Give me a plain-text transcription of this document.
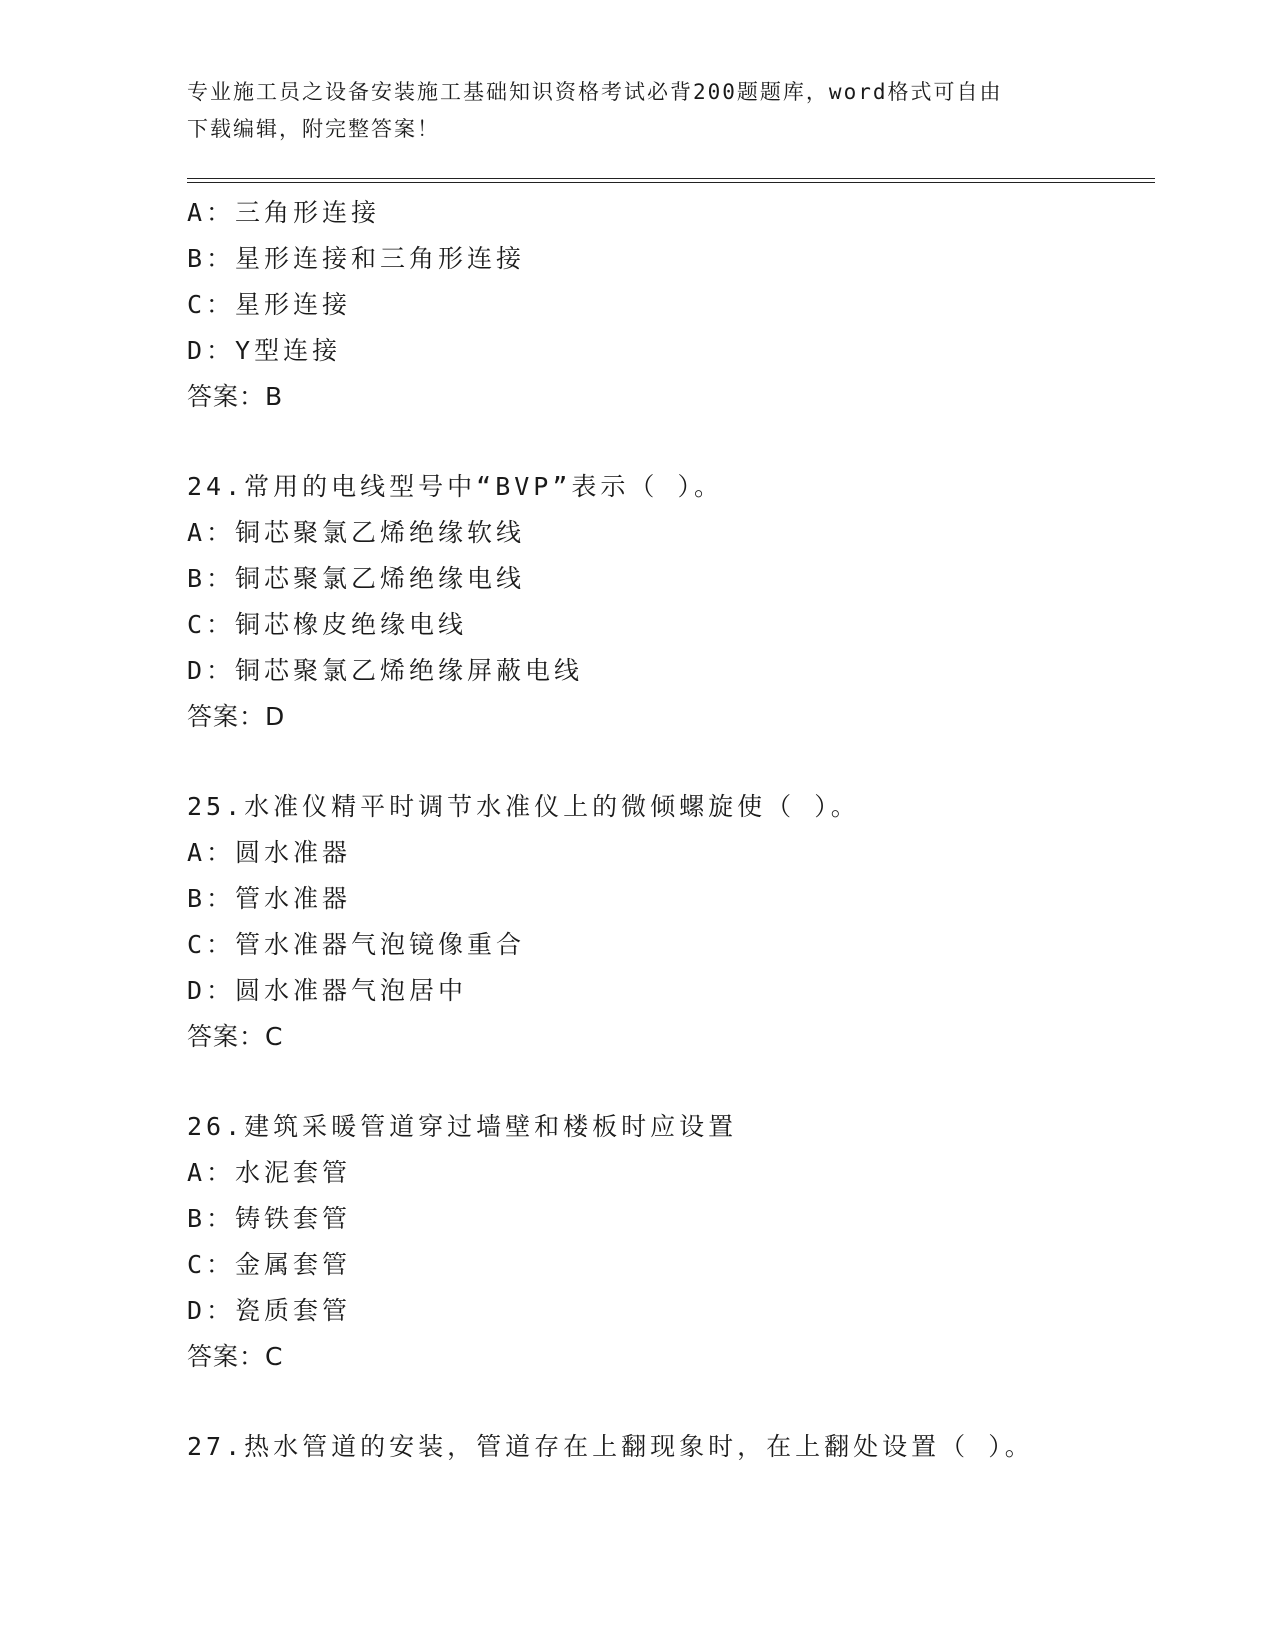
专业施工员之设备安装施工基础知识资格考试必背200题题库，word格式可自由
下载编辑，附完整答案！
A：三角形连接
B：星形连接和三角形连接
C：星形连接
D：Y型连接
答案：B
24.常用的电线型号中“BVP”表示（ ）。
A：铜芯聚氯乙烯绝缘软线
B：铜芯聚氯乙烯绝缘电线
C：铜芯橡皮绝缘电线
D：铜芯聚氯乙烯绝缘屏蔽电线
答案：D
25.水准仪精平时调节水准仪上的微倾螺旋使（ ）。
A：圆水准器
B：管水准器
C：管水准器气泡镜像重合
D：圆水准器气泡居中
答案：C
26.建筑采暖管道穿过墙壁和楼板时应设置
A：水泥套管
B：铸铁套管
C：金属套管
D：瓷质套管
答案：C
27.热水管道的安装，管道存在上翻现象时，在上翻处设置（ ）。
